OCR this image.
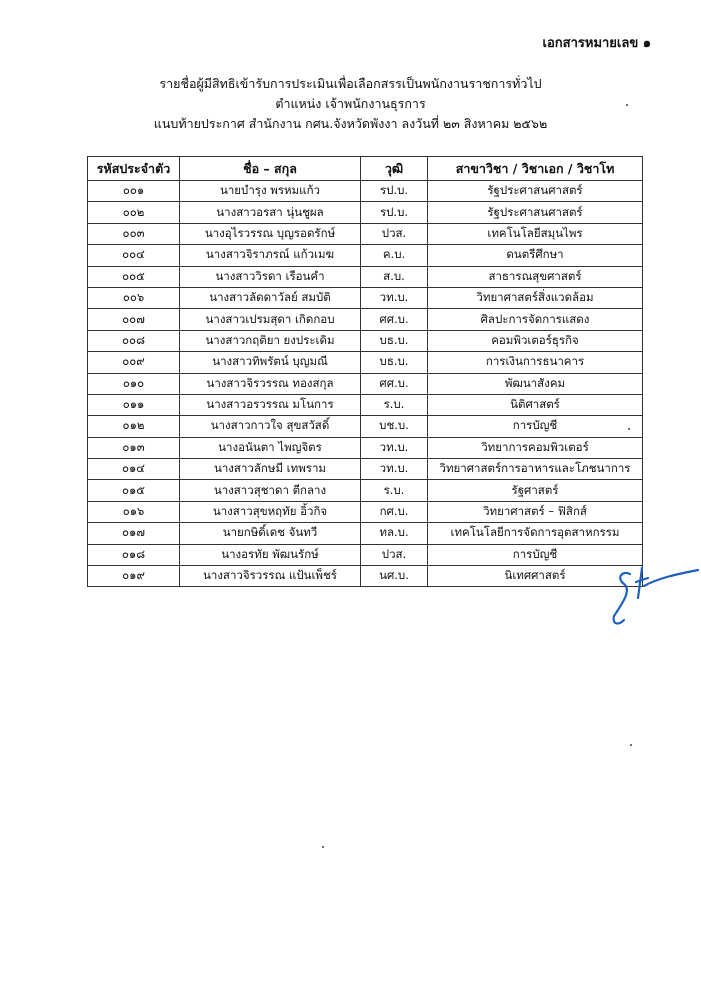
เอกสารหมายเลข ๑
รายชื่อผู้มีสิทธิเข้ารับการประเมินเพื่อเลือกสรรเป็นพนักงานราชการทั่วไป
ตำแหน่ง เจ้าพนักงานธุรการ
แนบท้ายประกาศ สำนักงาน กศน.จังหวัดพังงา ลงวันที่ ๒๓ สิงหาคม ๒๕๖๒
รหัสประจำตัว	ชื่อ – สกุล	วุฒิ	สาขาวิชา / วิชาเอก / วิชาโท
๐๐๑	นายบำรุง พรหมแก้ว	รป.บ.	รัฐประศาสนศาสตร์
๐๐๒	นางสาวอรสา นุ่นชูผล	รป.บ.	รัฐประศาสนศาสตร์
๐๐๓	นางอุไรวรรณ บุญรอดรักษ์	ปวส.	เทคโนโลยีสมุนไพร
๐๐๔	นางสาวจิราภรณ์ แก้วเมฆ	ค.บ.	ดนตรีศึกษา
๐๐๕	นางสาววิรดา เรือนคำ	ส.บ.	สาธารณสุขศาสตร์
๐๐๖	นางสาวลัดดาวัลย์ สมบัติ	วท.บ.	วิทยาศาสตร์สิ่งแวดล้อม
๐๐๗	นางสาวเปรมสุดา เกิดกอบ	ศศ.บ.	ศิลปะการจัดการแสดง
๐๐๘	นางสาวกฤติยา ยงประเดิม	บธ.บ.	คอมพิวเตอร์ธุรกิจ
๐๐๙	นางสาวทิพรัตน์ บุญมณี	บธ.บ.	การเงินการธนาคาร
๐๑๐	นางสาวจิรวรรณ ทองสกุล	ศศ.บ.	พัฒนาสังคม
๐๑๑	นางสาวอรวรรณ มโนการ	ร.บ.	นิติศาสตร์
๐๑๒	นางสาวกาวใจ สุขสวัสดิ์	บช.บ.	การบัญชี
๐๑๓	นางอนันตา ไพญจิตร	วท.บ.	วิทยาการคอมพิวเตอร์
๐๑๔	นางสาวลักษมี เทพราม	วท.บ.	วิทยาศาสตร์การอาหารและโภชนาการ
๐๑๕	นางสาวสุชาดา ตีกลาง	ร.บ.	รัฐศาสตร์
๐๑๖	นางสาวสุขหฤทัย อิ้วกิจ	กศ.บ.	วิทยาศาสตร์ – ฟิสิกส์
๐๑๗	นายกษิดิ์เดช จันทวี	ทล.บ.	เทคโนโลยีการจัดการอุตสาหกรรม
๐๑๘	นางอรทัย พัฒนรักษ์	ปวส.	การบัญชี
๐๑๙	นางสาวจิรวรรณ แป้นเพ็ชร์	นศ.บ.	นิเทศศาสตร์
